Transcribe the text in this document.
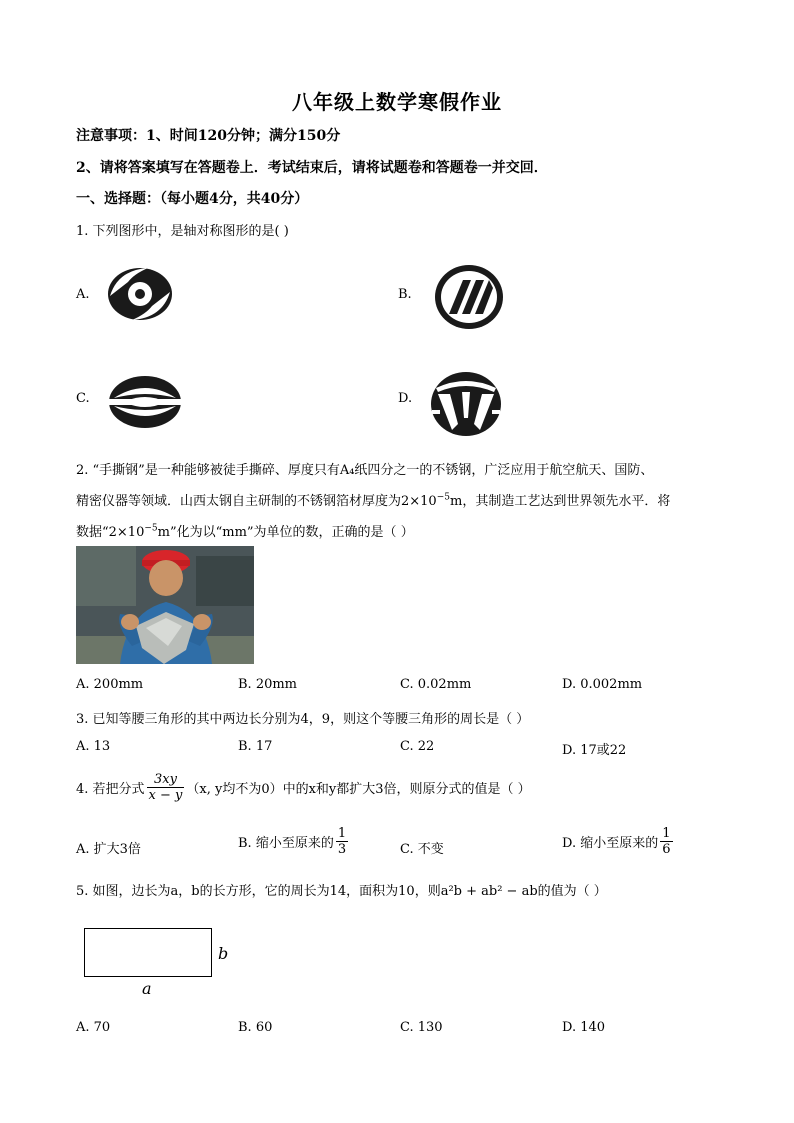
八年级上数学寒假作业
注意事项：1、时间120分钟；满分150分
2、请将答案填写在答题卷上．考试结束后，请将试题卷和答题卷一并交回．
一、选择题：（每小题4分，共40分）
1. 下列图形中，是轴对称图形的是( )
A.	B.
C.	D.
2. “手撕钢”是一种能够被徒手撕碎、厚度只有A₄纸四分之一的不锈钢，广泛应用于航空航天、国防、
精密仪器等领域．山西太钢自主研制的不锈钢箔材厚度为$2\times 10^{-5}m$，其制造工艺达到世界领先水平．将
数据“$2\times 10^{-5}m$”化为以“mm”为单位的数，正确的是（ ）
A. 200mm	B. 20mm	C. 0.02mm	D. 0.002mm
3. 已知等腰三角形的其中两边长分别为4，9，则这个等腰三角形的周长是（ ）
A. 13	B. 17	C. 22	D. 17或22
4. 若把分式 $\frac{3xy}{x - y} (x$, y均不为0）中的x和y都扩大3倍，则原分式的值是（ ）
A. 扩大3倍	B. 缩小至原来的 $\frac{1}{3}$	C. 不变	D. 缩小至原来的 $\frac{1}{6}$
5. 如图，边长为a，b的长方形，它的周长为14，面积为10，则a²b + ab² − ab的值为（ ）
b
a
A. 70	B. 60	C. 130	D. 140
